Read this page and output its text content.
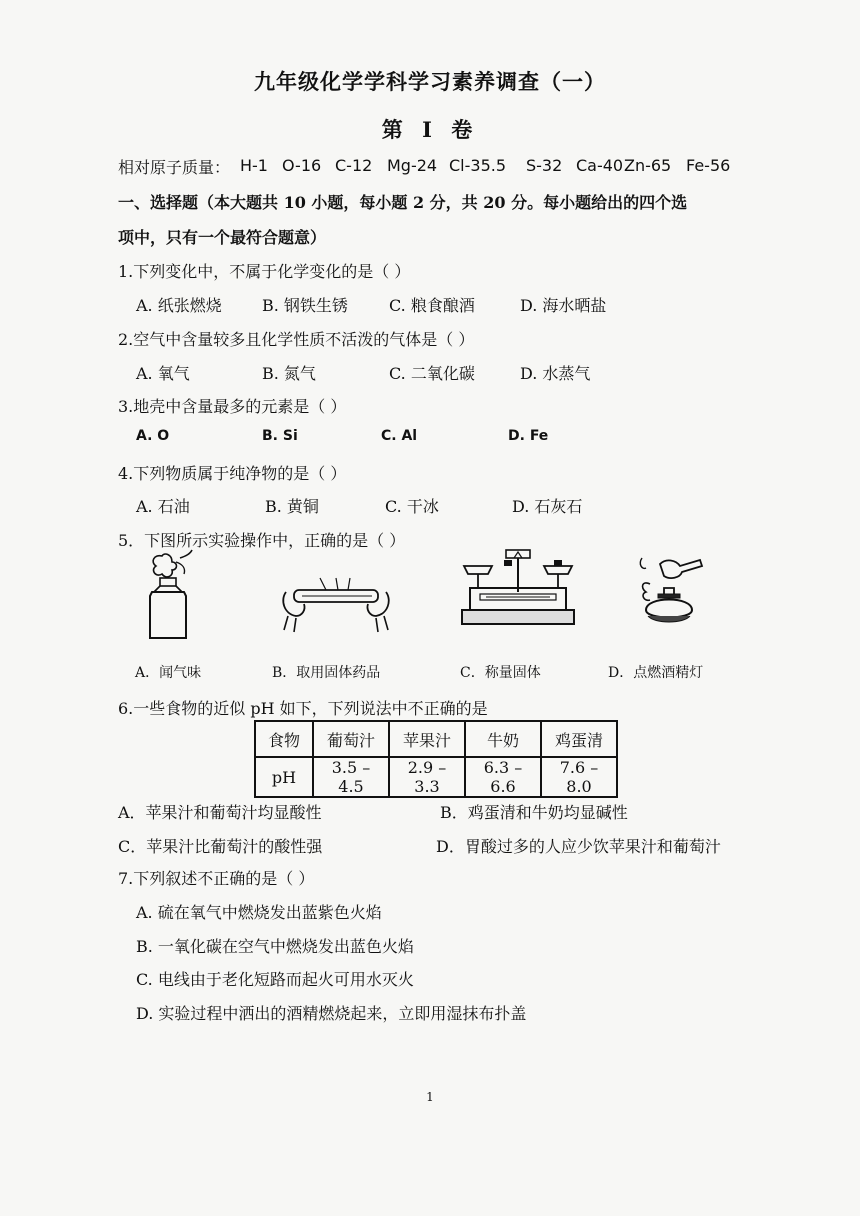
九年级化学学科学习素养调查（一）
第 I 卷
相对原子质量： H-1 O-16 C-12 Mg-24 Cl-35.5 S-32 Ca-40 Zn-65 Fe-56
一、选择题（本大题共 10 小题，每小题 2 分，共 20 分。每小题给出的四个选
项中，只有一个最符合题意）
1.下列变化中，不属于化学变化的是（ ）
A. 纸张燃烧	B. 钢铁生锈	C. 粮食酿酒	D. 海水晒盐
2.空气中含量较多且化学性质不活泼的气体是（ ）
A. 氧气	B. 氮气	C. 二氧化碳	D. 水蒸气
3.地壳中含量最多的元素是（ ）
A. O	B. Si	C. Al	D. Fe
4.下列物质属于纯净物的是（ ）
A. 石油	B. 黄铜	C. 干冰	D. 石灰石
5．下图所示实验操作中，正确的是（ ）
A．闻气味	B．取用固体药品	C．称量固体	D．点燃酒精灯
6.一些食物的近似 pH 如下，下列说法中不正确的是
食物	葡萄汁	苹果汁	牛奶	鸡蛋清
pH	3.5 – 4.5	2.9 – 3.3	6.3 – 6.6	7.6 – 8.0
A．苹果汁和葡萄汁均显酸性	B．鸡蛋清和牛奶均显碱性
C．苹果汁比葡萄汁的酸性强	D．胃酸过多的人应少饮苹果汁和葡萄汁
7.下列叙述不正确的是（ ）
A. 硫在氧气中燃烧发出蓝紫色火焰
B. 一氧化碳在空气中燃烧发出蓝色火焰
C. 电线由于老化短路而起火可用水灭火
D. 实验过程中洒出的酒精燃烧起来，立即用湿抹布扑盖
1
